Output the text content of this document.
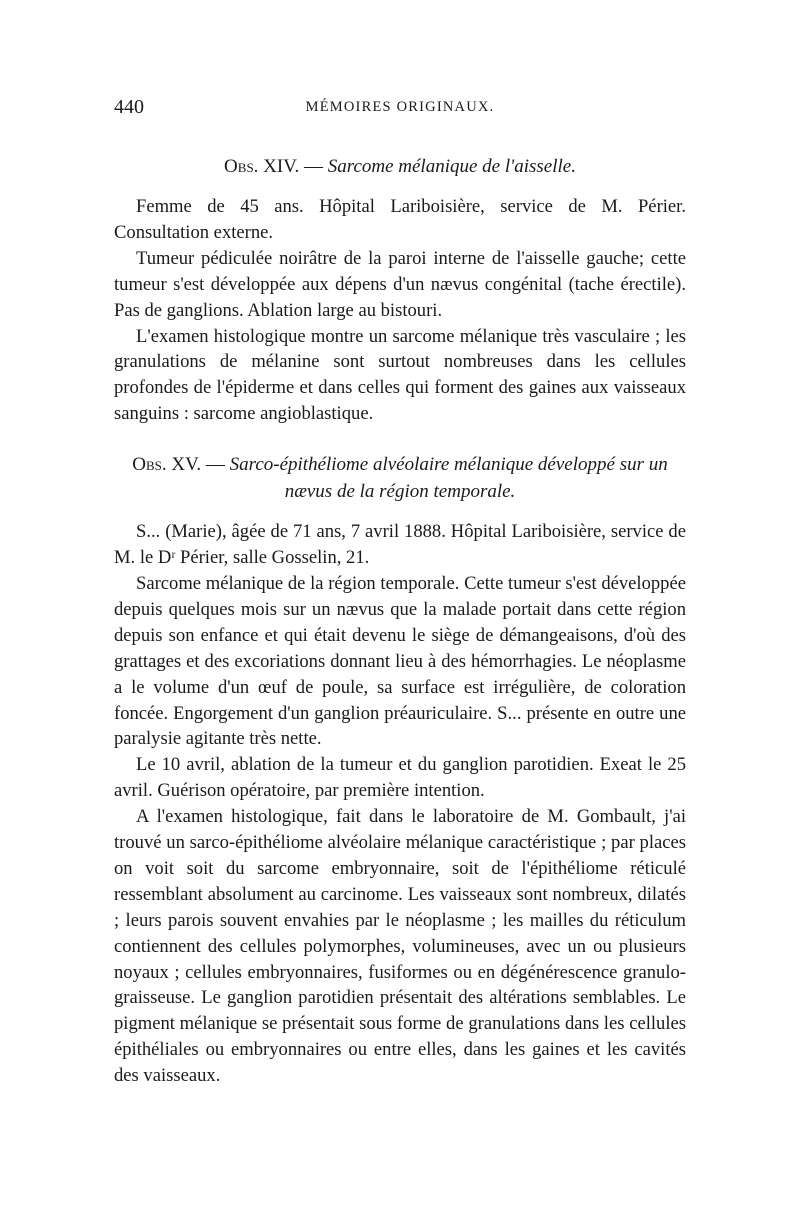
440	MÉMOIRES ORIGINAUX.
Obs. XIV. — Sarcome mélanique de l'aisselle.

Femme de 45 ans. Hôpital Lariboisière, service de M. Périer. Consultation externe.

Tumeur pédiculée noirâtre de la paroi interne de l'aisselle gauche; cette tumeur s'est développée aux dépens d'un nævus congénital (tache érectile). Pas de ganglions. Ablation large au bistouri.

L'examen histologique montre un sarcome mélanique très vasculaire ; les granulations de mélanine sont surtout nombreuses dans les cellules profondes de l'épiderme et dans celles qui forment des gaines aux vaisseaux sanguins : sarcome angioblastique.

Obs. XV. — Sarco-épithéliome alvéolaire mélanique développé sur un nævus de la région temporale.

S... (Marie), âgée de 71 ans, 7 avril 1888. Hôpital Lariboisière, service de M. le Dʳ Périer, salle Gosselin, 21.

Sarcome mélanique de la région temporale. Cette tumeur s'est développée depuis quelques mois sur un nævus que la malade portait dans cette région depuis son enfance et qui était devenu le siège de démangeaisons, d'où des grattages et des excoriations donnant lieu à des hémorrhagies. Le néoplasme a le volume d'un œuf de poule, sa surface est irrégulière, de coloration foncée. Engorgement d'un ganglion préauriculaire. S... présente en outre une paralysie agitante très nette.

Le 10 avril, ablation de la tumeur et du ganglion parotidien. Exeat le 25 avril. Guérison opératoire, par première intention.

A l'examen histologique, fait dans le laboratoire de M. Gombault, j'ai trouvé un sarco-épithéliome alvéolaire mélanique caractéristique ; par places on voit soit du sarcome embryonnaire, soit de l'épithéliome réticulé ressemblant absolument au carcinome. Les vaisseaux sont nombreux, dilatés ; leurs parois souvent envahies par le néoplasme ; les mailles du réticulum contiennent des cellules polymorphes, volumineuses, avec un ou plusieurs noyaux ; cellules embryonnaires, fusiformes ou en dégénérescence granulo-graisseuse. Le ganglion parotidien présentait des altérations semblables. Le pigment mélanique se présentait sous forme de granulations dans les cellules épithéliales ou embryonnaires ou entre elles, dans les gaines et les cavités des vaisseaux.
